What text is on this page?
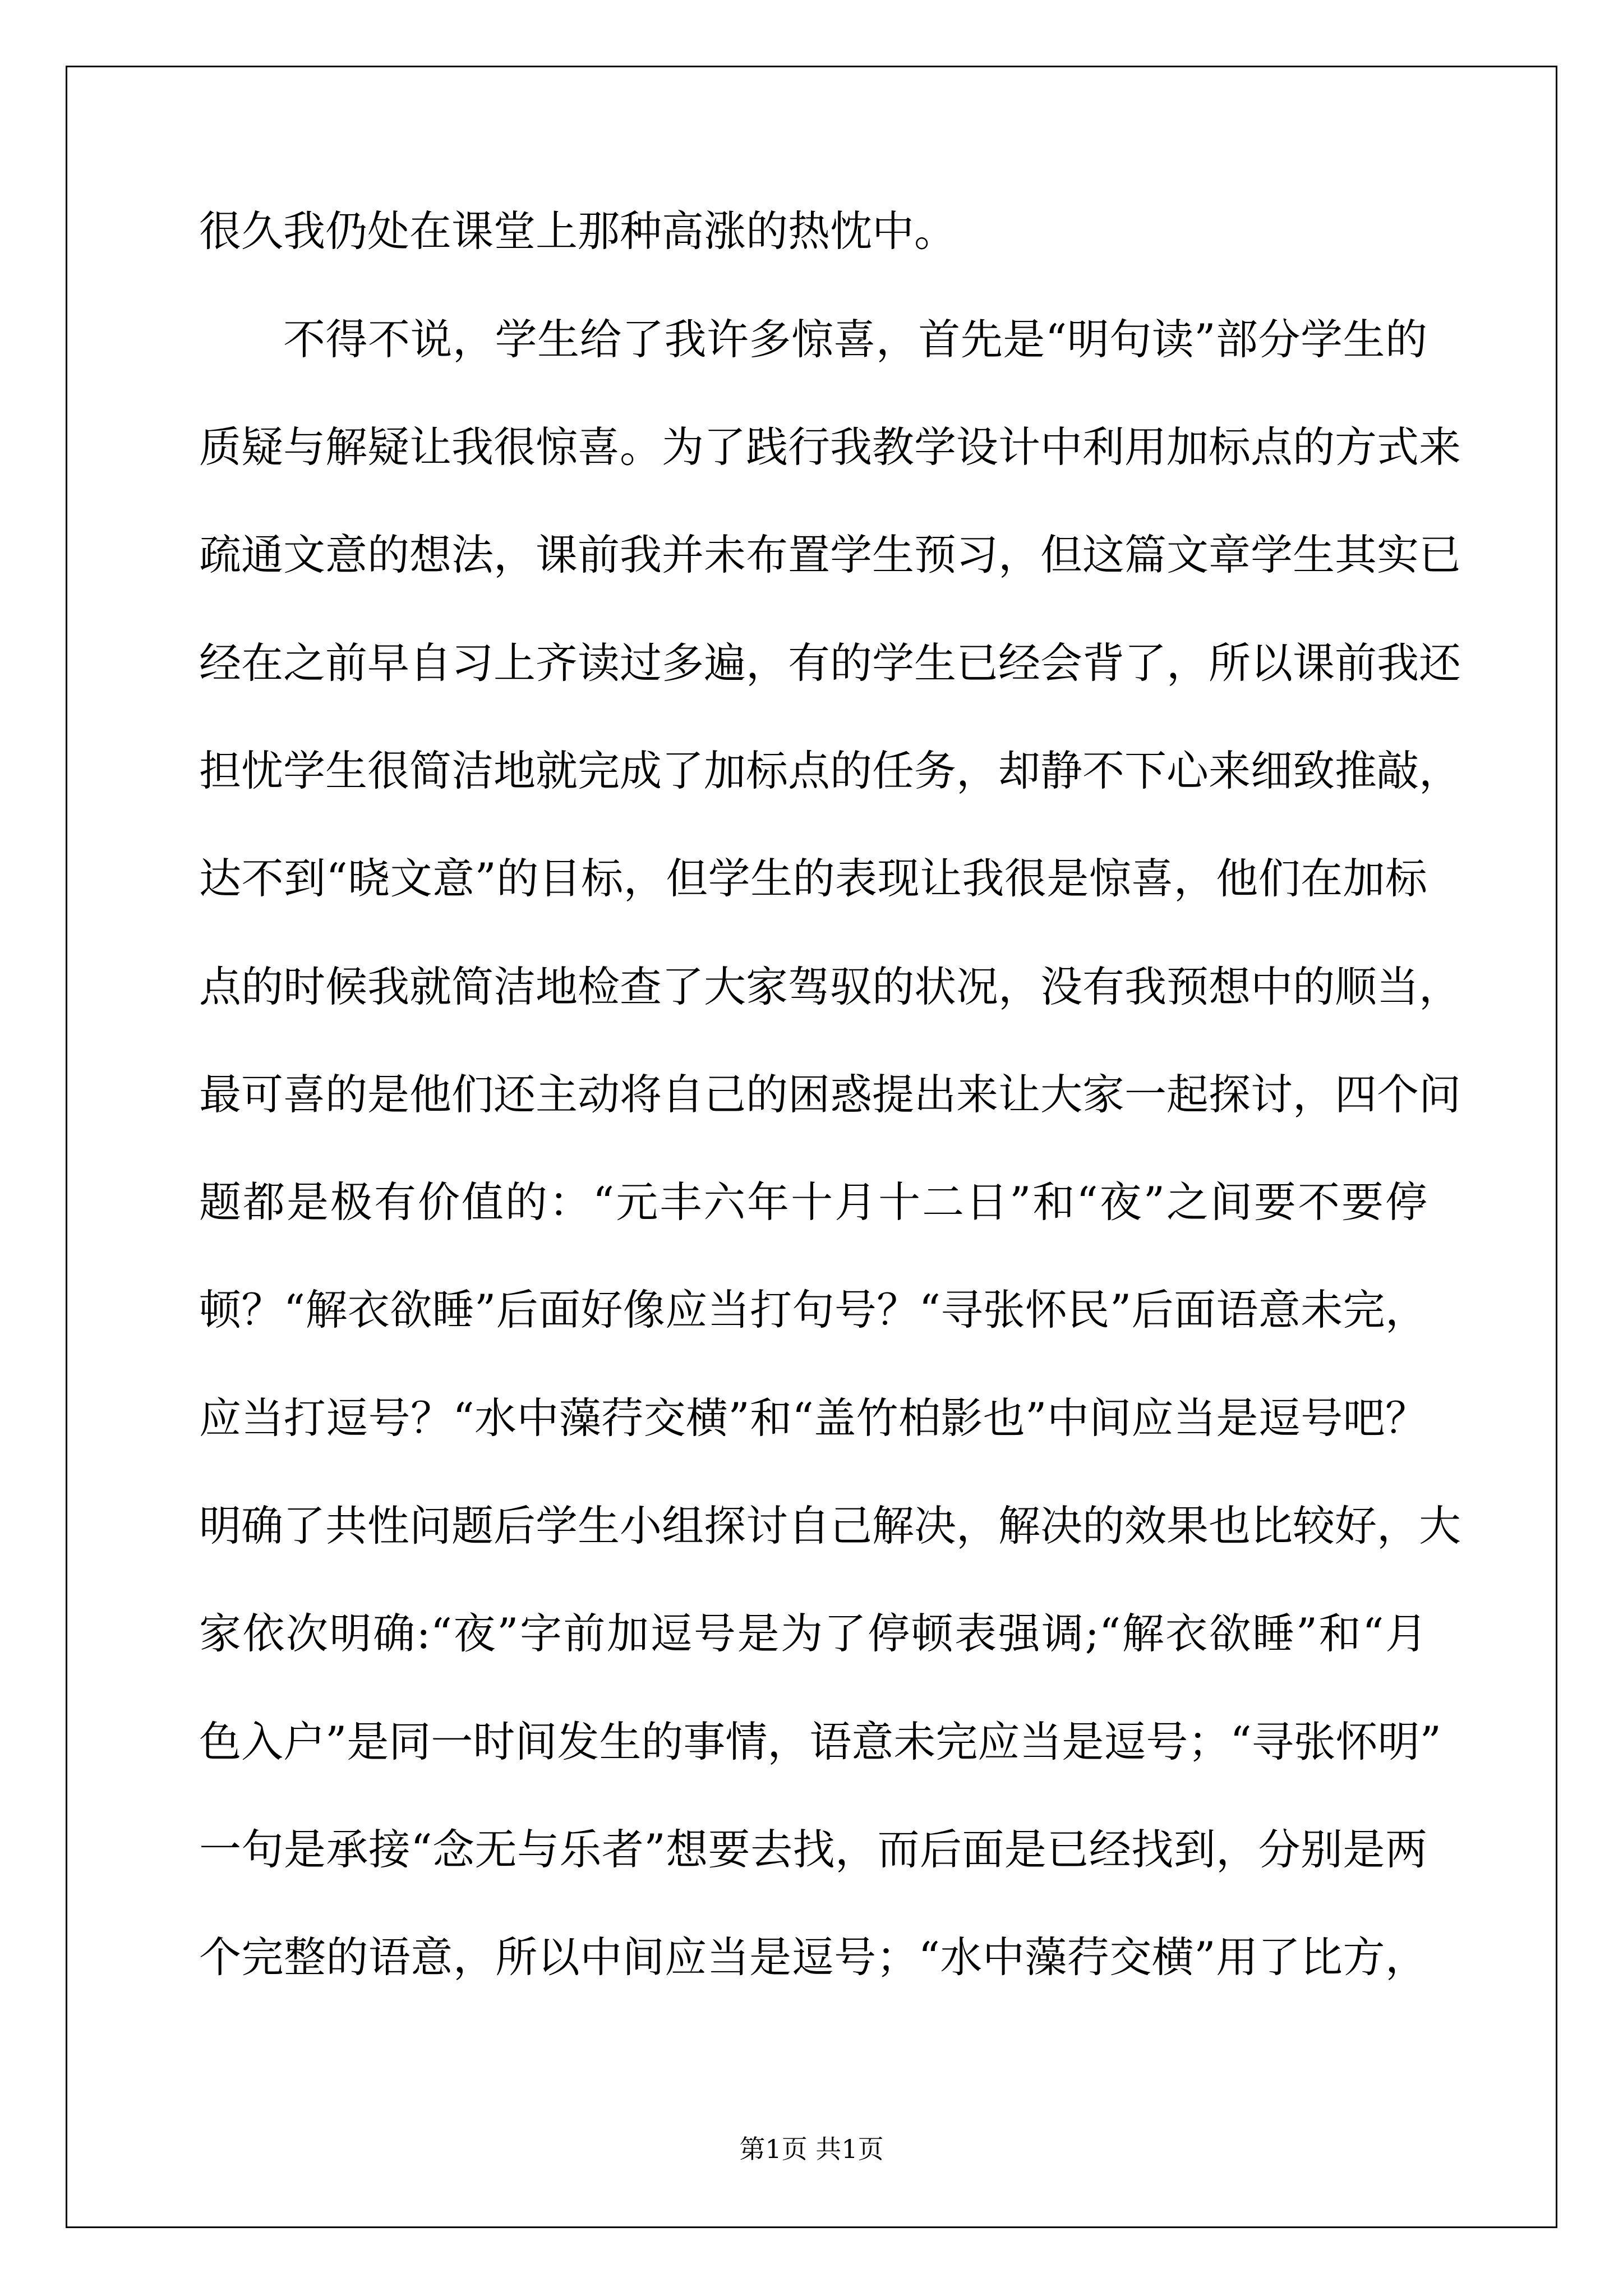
很久我仍处在课堂上那种高涨的热忱中。
不得不说，学生给了我许多惊喜，首先是“明句读”部分学生的
质疑与解疑让我很惊喜。为了践行我教学设计中利用加标点的方式来
疏通文意的想法，课前我并未布置学生预习，但这篇文章学生其实已
经在之前早自习上齐读过多遍，有的学生已经会背了，所以课前我还
担忧学生很简洁地就完成了加标点的任务，却静不下心来细致推敲，
达不到“晓文意”的目标，但学生的表现让我很是惊喜，他们在加标
点的时候我就简洁地检查了大家驾驭的状况，没有我预想中的顺当，
最可喜的是他们还主动将自己的困惑提出来让大家一起探讨，四个问
题都是极有价值的：“元丰六年十月十二日”和“夜”之间要不要停
顿？“解衣欲睡”后面好像应当打句号？“寻张怀民”后面语意未完，
应当打逗号？“水中藻荇交横”和“盖竹柏影也”中间应当是逗号吧？
明确了共性问题后学生小组探讨自己解决，解决的效果也比较好，大
家依次明确:“夜”字前加逗号是为了停顿表强调;“解衣欲睡”和“月
色入户”是同一时间发生的事情，语意未完应当是逗号；“寻张怀明”
一句是承接“念无与乐者”想要去找，而后面是已经找到，分别是两
个完整的语意，所以中间应当是逗号；“水中藻荇交横”用了比方，
第1页 共1页
